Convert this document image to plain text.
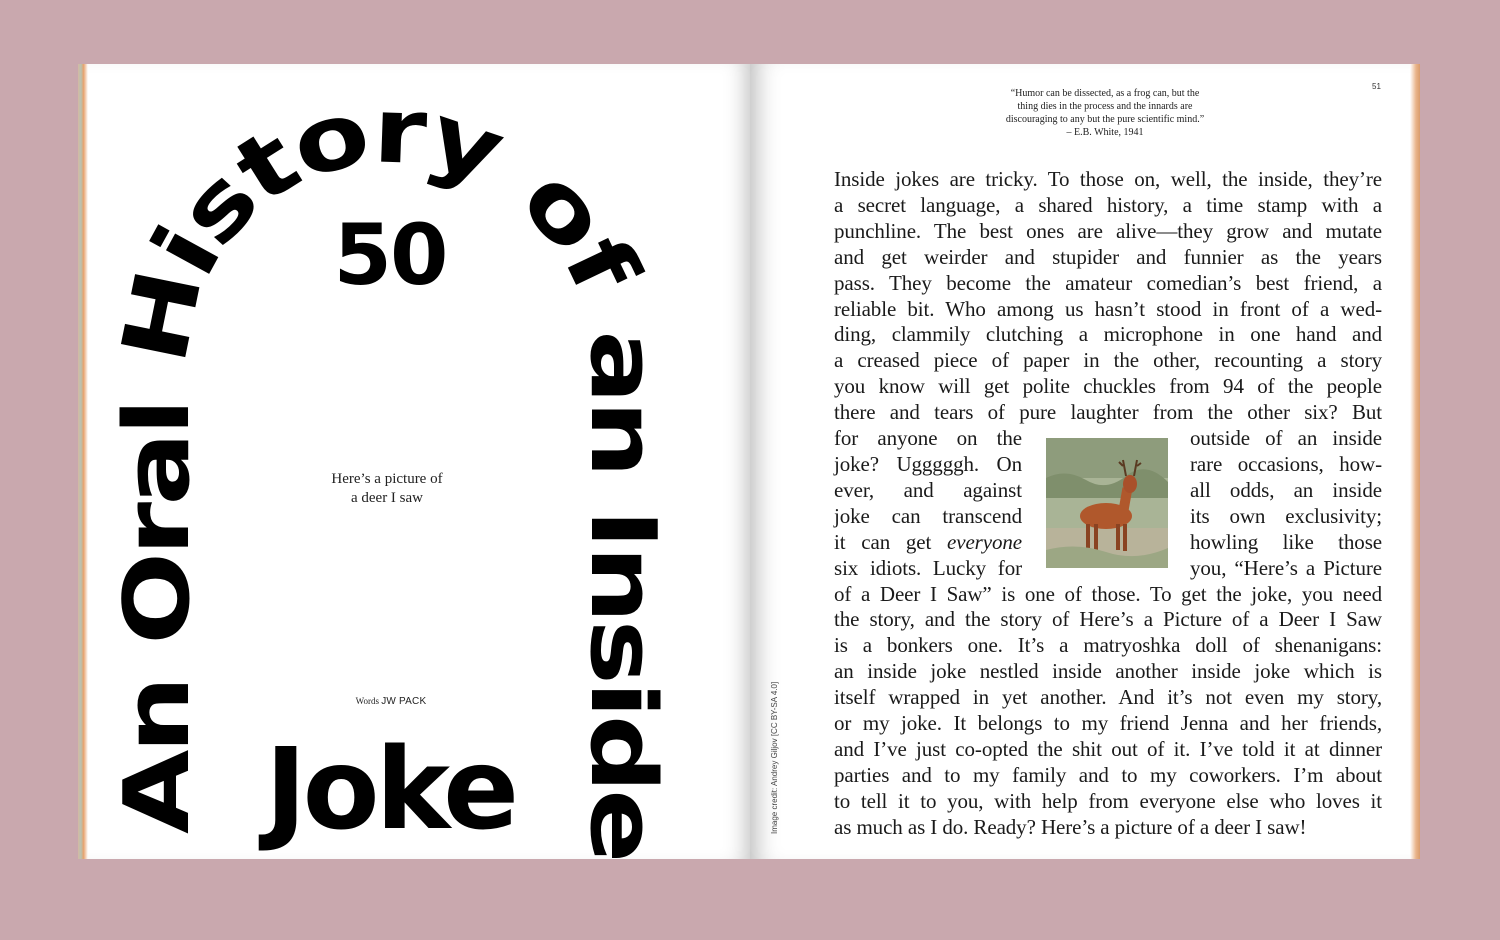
An Oral History of an Inside
50
Joke
Here’s a picture of
a deer I saw
Words JW PACK
“Humor can be dissected, as a frog can, but the
thing dies in the process and the innards are
discouraging to any but the pure scientific mind.”
– E.B. White, 1941
51
Image credit: Andrey Giljov [CC BY-SA 4.0]
Inside jokes are tricky. To those on, well, the inside, they’re
a secret language, a shared history, a time stamp with a
punchline. The best ones are alive—they grow and mutate
and get weirder and stupider and funnier as the years
pass. They become the amateur comedian’s best friend, a
reliable bit. Who among us hasn’t stood in front of a wed-
ding, clammily clutching a microphone in one hand and
a creased piece of paper in the other, recounting a story
you know will get polite chuckles from 94 of the people
there and tears of pure laughter from the other six? But
for anyone on the	outside of an inside
joke? Ugggggh. On	rare occasions, how-
ever, and against	all odds, an inside
joke can transcend	its own exclusivity;
it can get everyone	howling like those
six idiots. Lucky for	you, “Here’s a Picture
of a Deer I Saw” is one of those. To get the joke, you need
the story, and the story of Here’s a Picture of a Deer I Saw
is a bonkers one. It’s a matryoshka doll of shenanigans:
an inside joke nestled inside another inside joke which is
itself wrapped in yet another. And it’s not even my story,
or my joke. It belongs to my friend Jenna and her friends,
and I’ve just co-opted the shit out of it. I’ve told it at dinner
parties and to my family and to my coworkers. I’m about
to tell it to you, with help from everyone else who loves it
as much as I do. Ready? Here’s a picture of a deer I saw!
